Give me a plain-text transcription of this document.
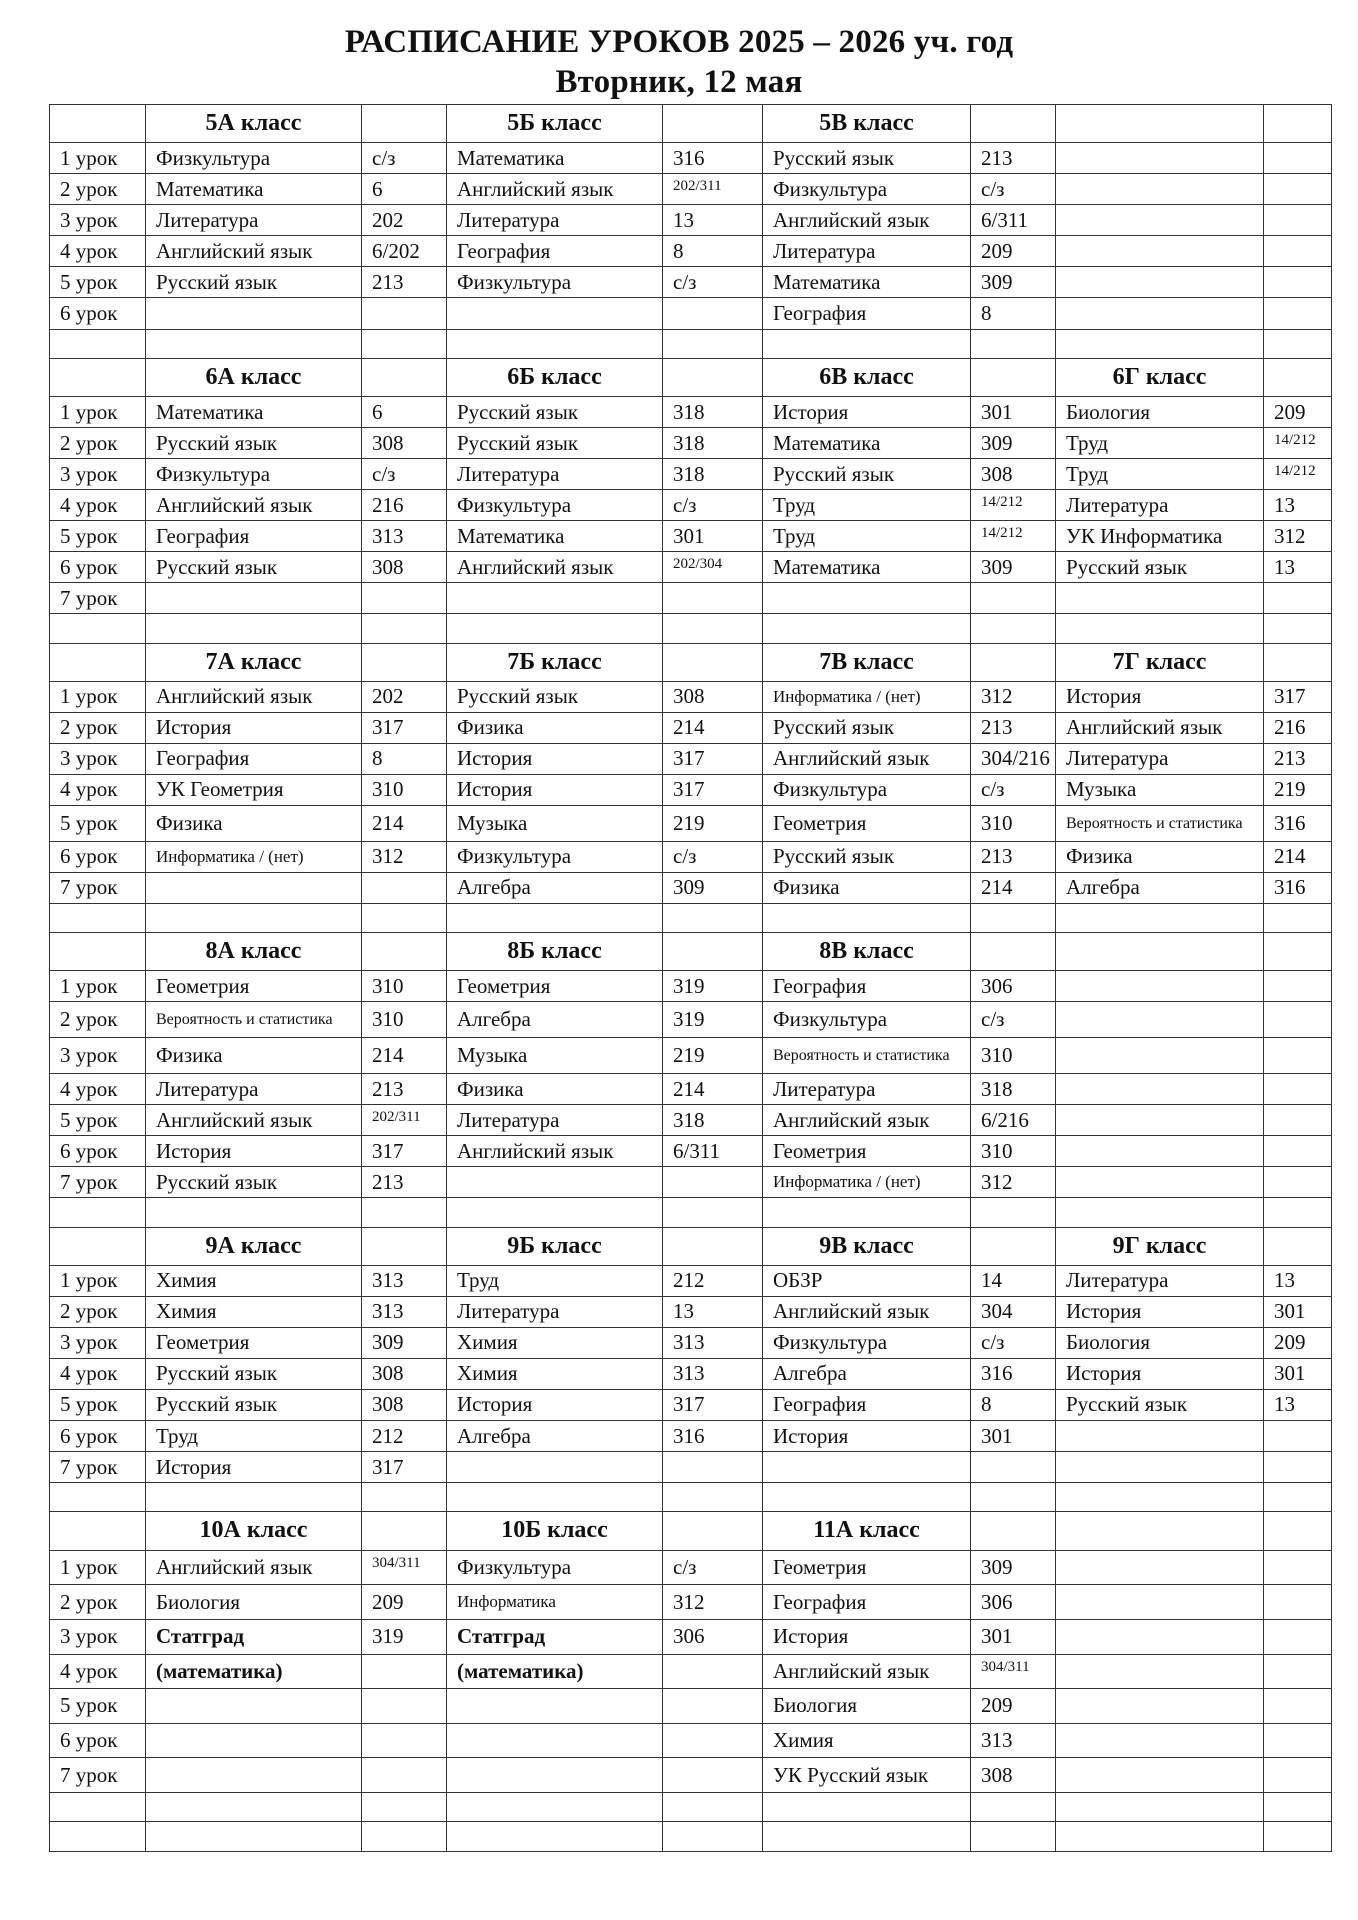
РАСПИСАНИЕ УРОКОВ 2025 – 2026 уч. год
Вторник, 12 мая
	5А класс		5Б класс		5В класс			
1 урок	Физкультура	с/з	Математика	316	Русский язык	213		
2 урок	Математика	6	Английский язык	202/311	Физкультура	с/з		
3 урок	Литература	202	Литература	13	Английский язык	6/311		
4 урок	Английский язык	6/202	География	8	Литература	209		
5 урок	Русский язык	213	Физкультура	с/з	Математика	309		
6 урок					География	8		

	6А класс		6Б класс		6В класс		6Г класс	
1 урок	Математика	6	Русский язык	318	История	301	Биология	209
2 урок	Русский язык	308	Русский язык	318	Математика	309	Труд	14/212
3 урок	Физкультура	с/з	Литература	318	Русский язык	308	Труд	14/212
4 урок	Английский язык	216	Физкультура	с/з	Труд	14/212	Литература	13
5 урок	География	313	Математика	301	Труд	14/212	УК Информатика	312
6 урок	Русский язык	308	Английский язык	202/304	Математика	309	Русский язык	13
7 урок								

	7А класс		7Б класс		7В класс		7Г класс	
1 урок	Английский язык	202	Русский язык	308	Информатика / (нет)	312	История	317
2 урок	История	317	Физика	214	Русский язык	213	Английский язык	216
3 урок	География	8	История	317	Английский язык	304/216	Литература	213
4 урок	УК Геометрия	310	История	317	Физкультура	с/з	Музыка	219
5 урок	Физика	214	Музыка	219	Геометрия	310	Вероятность и статистика	316
6 урок	Информатика / (нет)	312	Физкультура	с/з	Русский язык	213	Физика	214
7 урок			Алгебра	309	Физика	214	Алгебра	316

	8А класс		8Б класс		8В класс			
1 урок	Геометрия	310	Геометрия	319	География	306		
2 урок	Вероятность и статистика	310	Алгебра	319	Физкультура	с/з		
3 урок	Физика	214	Музыка	219	Вероятность и статистика	310		
4 урок	Литература	213	Физика	214	Литература	318		
5 урок	Английский язык	202/311	Литература	318	Английский язык	6/216		
6 урок	История	317	Английский язык	6/311	Геометрия	310		
7 урок	Русский язык	213			Информатика / (нет)	312		

	9А класс		9Б класс		9В класс		9Г класс	
1 урок	Химия	313	Труд	212	ОБЗР	14	Литература	13
2 урок	Химия	313	Литература	13	Английский язык	304	История	301
3 урок	Геометрия	309	Химия	313	Физкультура	с/з	Биология	209
4 урок	Русский язык	308	Химия	313	Алгебра	316	История	301
5 урок	Русский язык	308	История	317	География	8	Русский язык	13
6 урок	Труд	212	Алгебра	316	История	301		
7 урок	История	317						

	10А класс		10Б класс		11А класс			
1 урок	Английский язык	304/311	Физкультура	с/з	Геометрия	309		
2 урок	Биология	209	Информатика	312	География	306		
3 урок	Статград	319	Статград	306	История	301		
4 урок	(математика)		(математика)		Английский язык	304/311		
5 урок					Биология	209		
6 урок					Химия	313		
7 урок					УК Русский язык	308		
